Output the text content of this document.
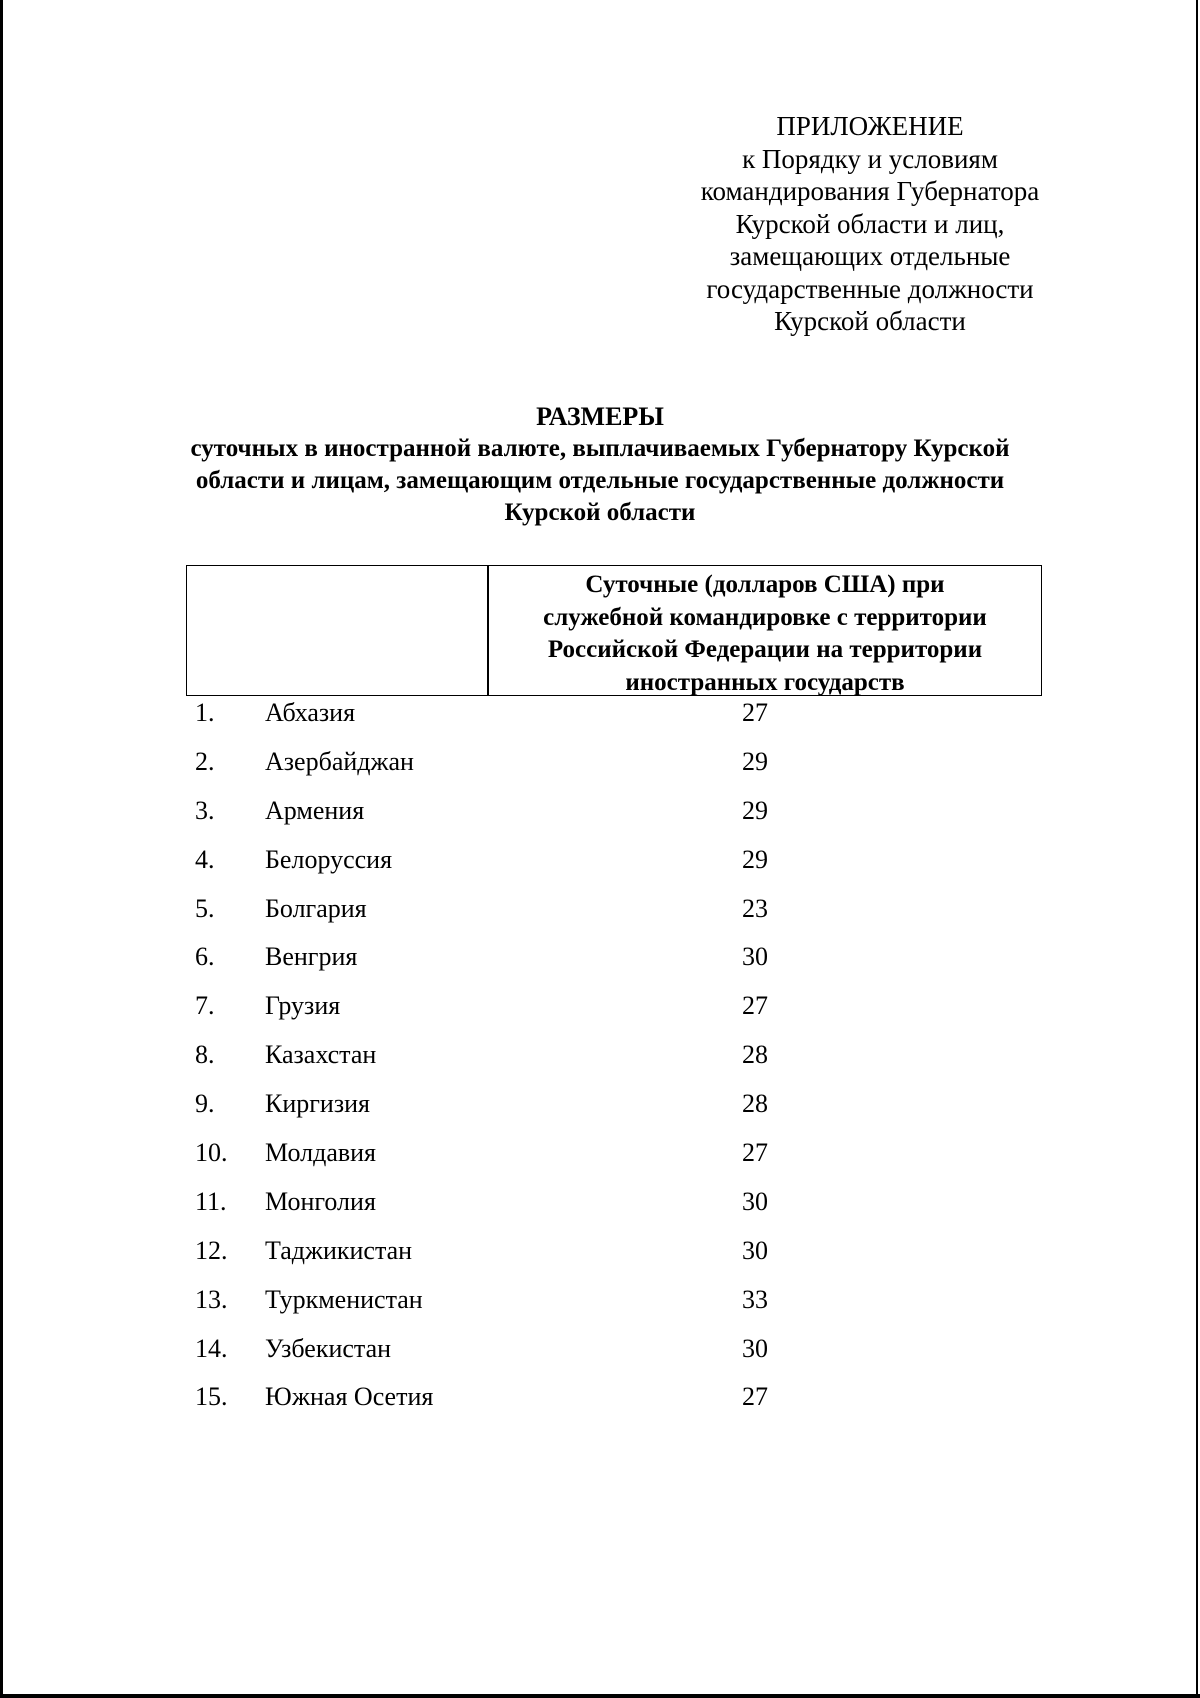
ПРИЛОЖЕНИЕ
к Порядку и условиям
командирования Губернатора
Курской области и лиц,
замещающих отдельные
государственные должности
Курской области
РАЗМЕРЫ
суточных в иностранной валюте, выплачиваемых Губернатору Курской
области и лицам, замещающим отдельные государственные должности
Курской области
Суточные (долларов США) при
служебной командировке с территории
Российской Федерации на территории
иностранных государств
1. Абхазия	27
2. Азербайджан	29
3. Армения	29
4. Белоруссия	29
5. Болгария	23
6. Венгрия	30
7. Грузия	27
8. Казахстан	28
9. Киргизия	28
10. Молдавия	27
11. Монголия	30
12. Таджикистан	30
13. Туркменистан	33
14. Узбекистан	30
15. Южная Осетия	27
